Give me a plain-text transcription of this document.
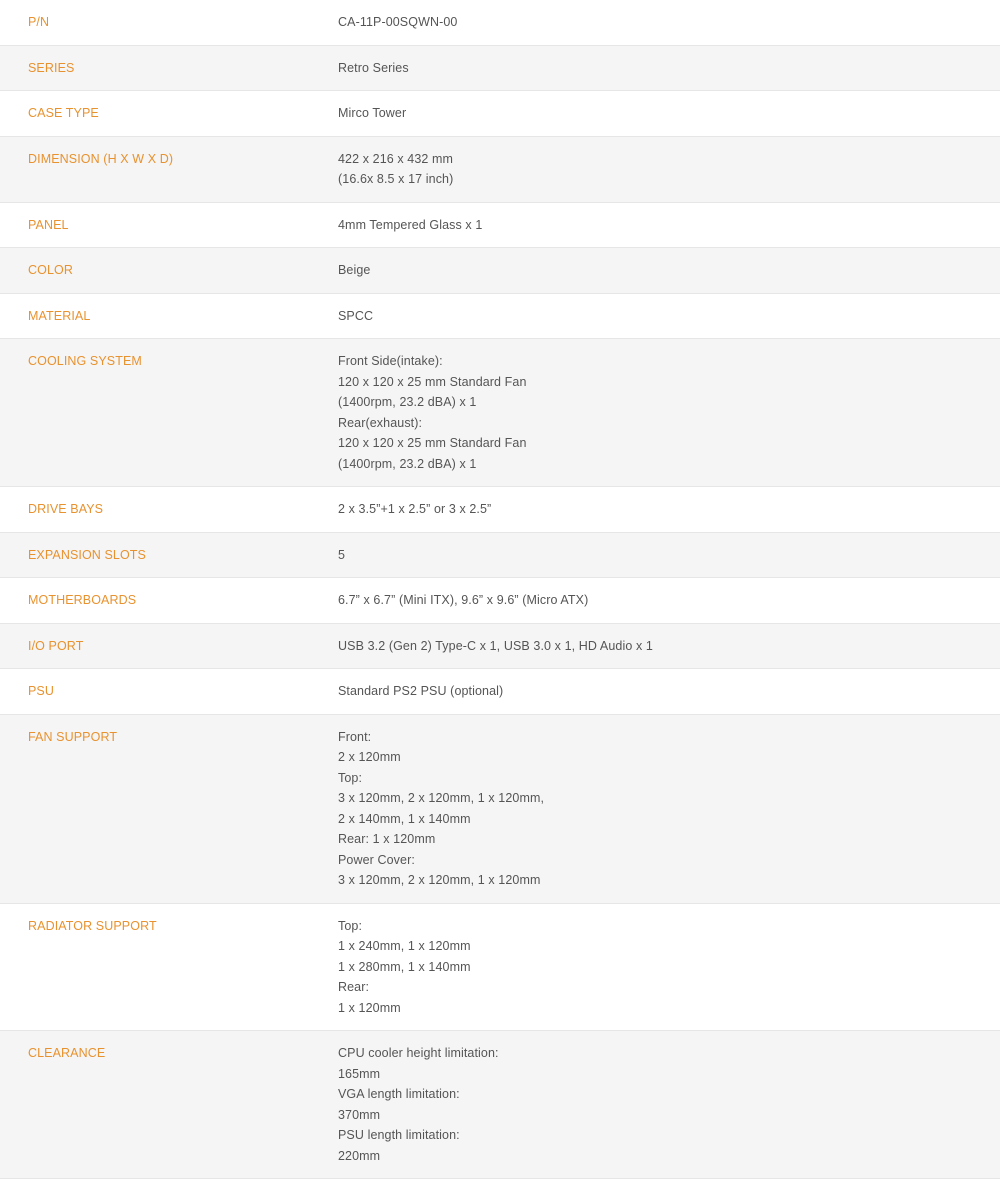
P/N	CA-11P-00SQWN-00

SERIES	Retro Series

CASE TYPE	Mirco Tower

DIMENSION (H X W X D)	422 x 216 x 432 mm
(16.6x 8.5 x 17 inch)

PANEL	4mm Tempered Glass x 1

COLOR	Beige

MATERIAL	SPCC

COOLING SYSTEM	Front Side(intake):
120 x 120 x 25 mm Standard Fan
(1400rpm, 23.2 dBA) x 1
Rear(exhaust):
120 x 120 x 25 mm Standard Fan
(1400rpm, 23.2 dBA) x 1

DRIVE BAYS	2 x 3.5”+1 x 2.5” or 3 x 2.5”

EXPANSION SLOTS	5

MOTHERBOARDS	6.7” x 6.7” (Mini ITX), 9.6” x 9.6” (Micro ATX)

I/O PORT	USB 3.2 (Gen 2) Type-C x 1, USB 3.0 x 1, HD Audio x 1

PSU	Standard PS2 PSU (optional)

FAN SUPPORT	Front:
2 x 120mm
Top:
3 x 120mm, 2 x 120mm, 1 x 120mm,
2 x 140mm, 1 x 140mm
Rear: 1 x 120mm
Power Cover:
3 x 120mm, 2 x 120mm, 1 x 120mm

RADIATOR SUPPORT	Top:
1 x 240mm, 1 x 120mm
1 x 280mm, 1 x 140mm
Rear:
1 x 120mm

CLEARANCE	CPU cooler height limitation:
165mm
VGA length limitation:
370mm
PSU length limitation:
220mm
